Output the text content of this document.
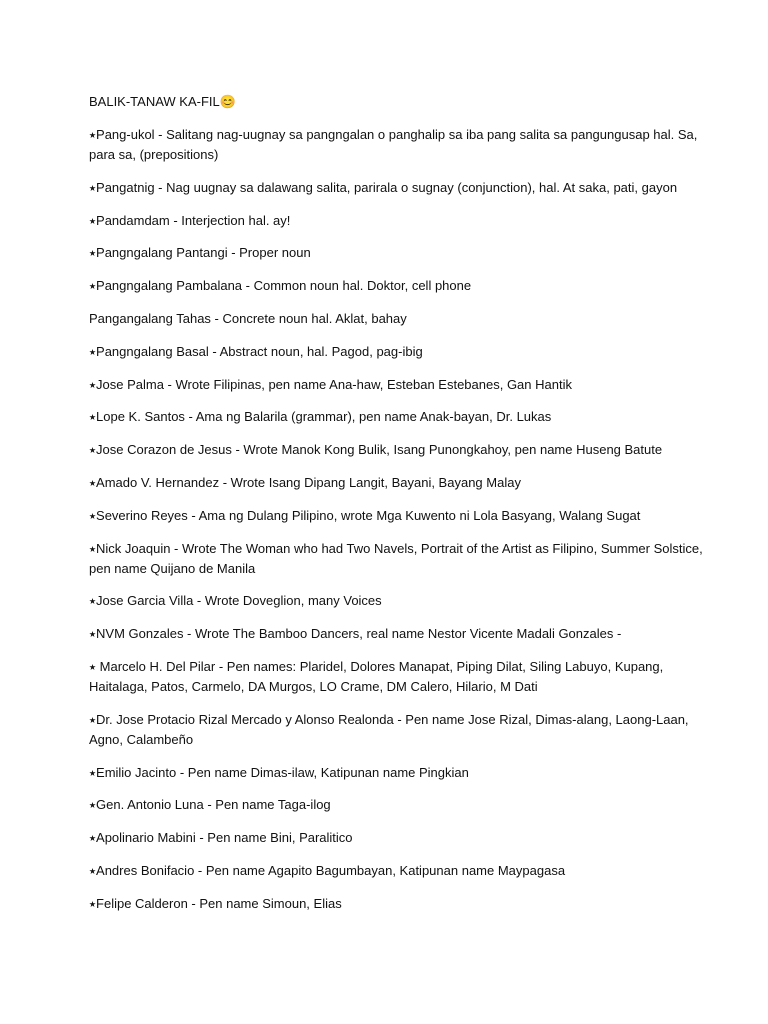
BALIK-TANAW KA-FIL😊
⭑Pang-ukol - Salitang nag-uugnay sa pangngalan o panghalip sa iba pang salita sa pangungusap hal. Sa, para sa, (prepositions)
⭑Pangatnig - Nag uugnay sa dalawang salita, parirala o sugnay (conjunction), hal. At saka, pati, gayon
⭑Pandamdam - Interjection hal. ay!
⭑Pangngalang Pantangi - Proper noun
⭑Pangngalang Pambalana - Common noun hal. Doktor, cell phone
Pangangalang Tahas - Concrete noun hal. Aklat, bahay
⭑Pangngalang Basal - Abstract noun, hal. Pagod, pag-ibig
⭑Jose Palma - Wrote Filipinas, pen name Ana-haw, Esteban Estebanes, Gan Hantik
⭑Lope K. Santos - Ama ng Balarila (grammar), pen name Anak-bayan, Dr. Lukas
⭑Jose Corazon de Jesus - Wrote Manok Kong Bulik, Isang Punongkahoy, pen name Huseng Batute
⭑Amado V. Hernandez - Wrote Isang Dipang Langit, Bayani, Bayang Malay
⭑Severino Reyes - Ama ng Dulang Pilipino, wrote Mga Kuwento ni Lola Basyang, Walang Sugat
⭑Nick Joaquin - Wrote The Woman who had Two Navels, Portrait of the Artist as Filipino, Summer Solstice, pen name Quijano de Manila
⭑Jose Garcia Villa - Wrote Doveglion, many Voices
⭑NVM Gonzales - Wrote The Bamboo Dancers, real name Nestor Vicente Madali Gonzales -
⭑ Marcelo H. Del Pilar - Pen names: Plaridel, Dolores Manapat, Piping Dilat, Siling Labuyo, Kupang, Haitalaga, Patos, Carmelo, DA Murgos, LO Crame, DM Calero, Hilario, M Dati
⭑Dr. Jose Protacio Rizal Mercado y Alonso Realonda - Pen name Jose Rizal, Dimas-alang, Laong-Laan, Agno, Calambeño
⭑Emilio Jacinto - Pen name Dimas-ilaw, Katipunan name Pingkian
⭑Gen. Antonio Luna - Pen name Taga-ilog
⭑Apolinario Mabini - Pen name Bini, Paralitico
⭑Andres Bonifacio - Pen name Agapito Bagumbayan, Katipunan name Maypagasa
⭑Felipe Calderon - Pen name Simoun, Elias
